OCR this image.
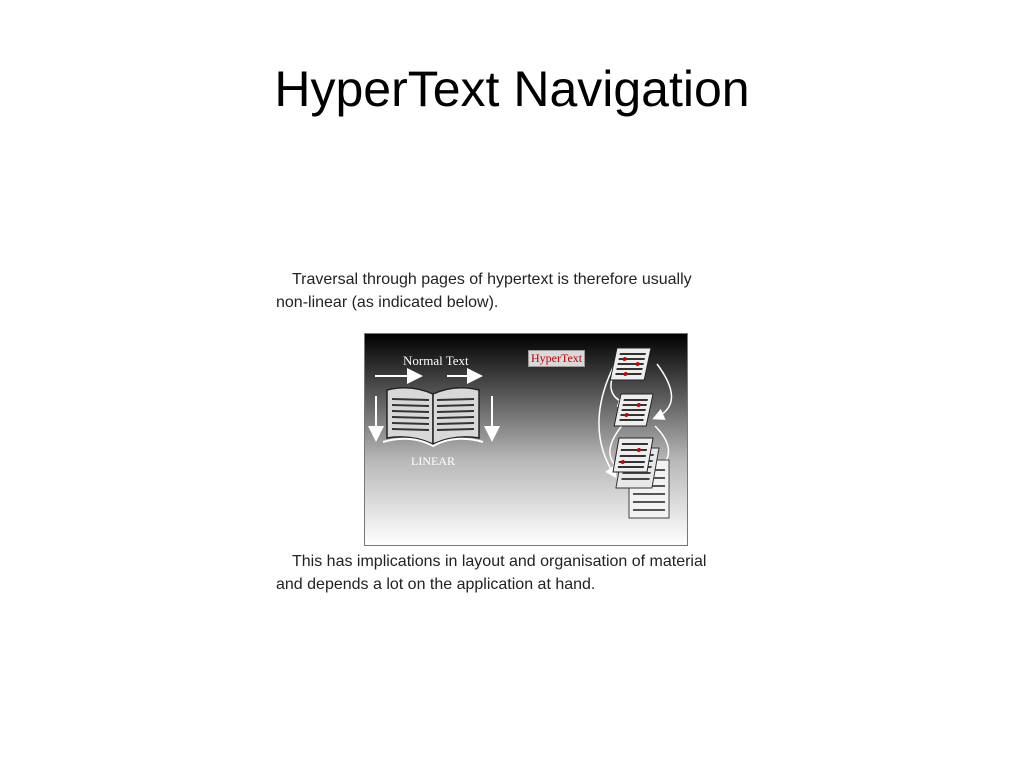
HyperText Navigation
Traversal through pages of hypertext is therefore usually
non-linear (as indicated below).
Normal Text
LINEAR
HyperText
This has implications in layout and organisation of material
and depends a lot on the application at hand.
